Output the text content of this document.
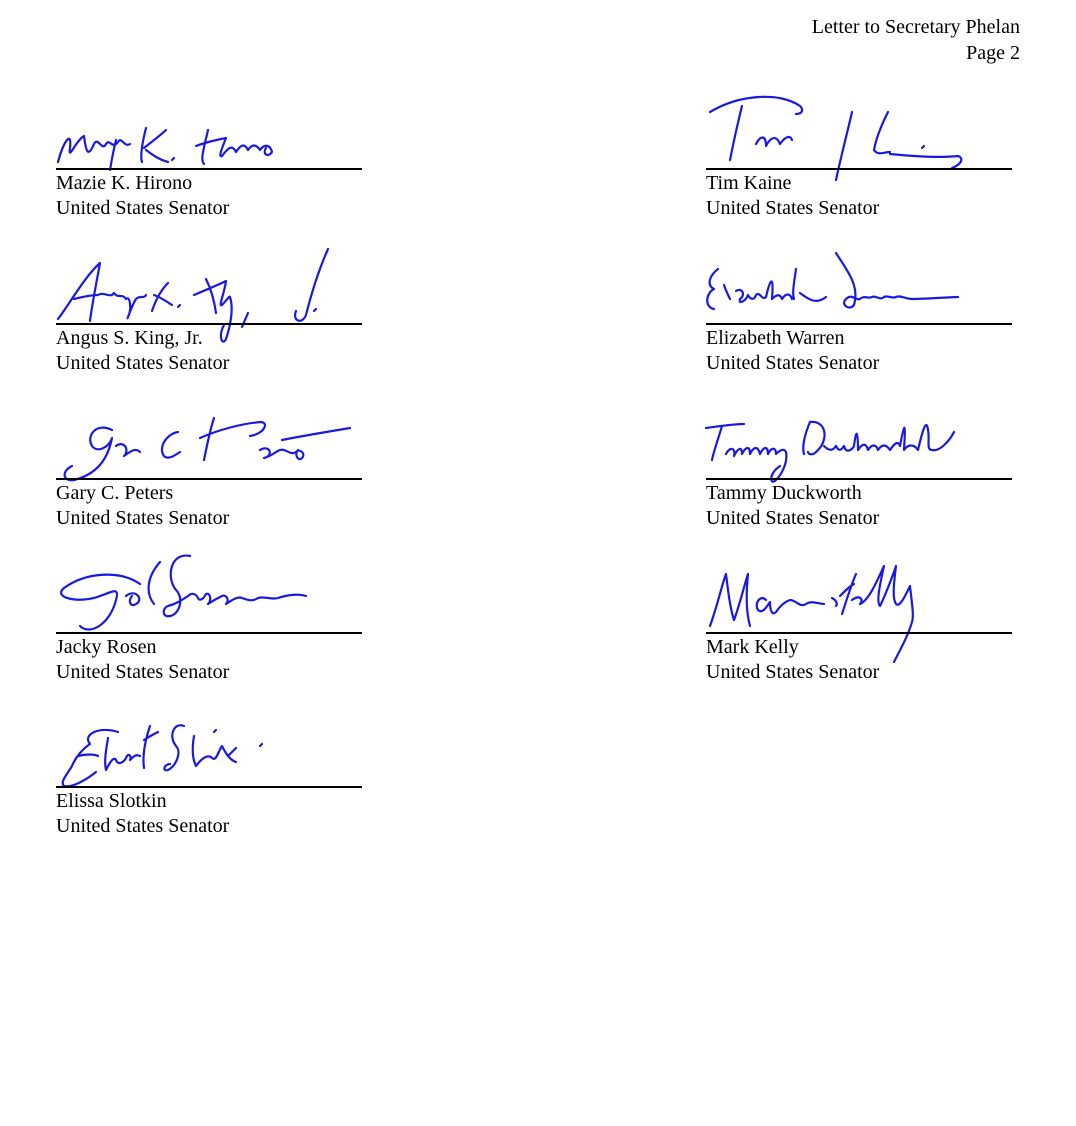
Letter to Secretary Phelan
Page 2
Mazie K. Hirono
United States Senator
Tim Kaine
United States Senator
Angus S. King, Jr.
United States Senator
Elizabeth Warren
United States Senator
Gary C. Peters
United States Senator
Tammy Duckworth
United States Senator
Jacky Rosen
United States Senator
Mark Kelly
United States Senator
Elissa Slotkin
United States Senator
